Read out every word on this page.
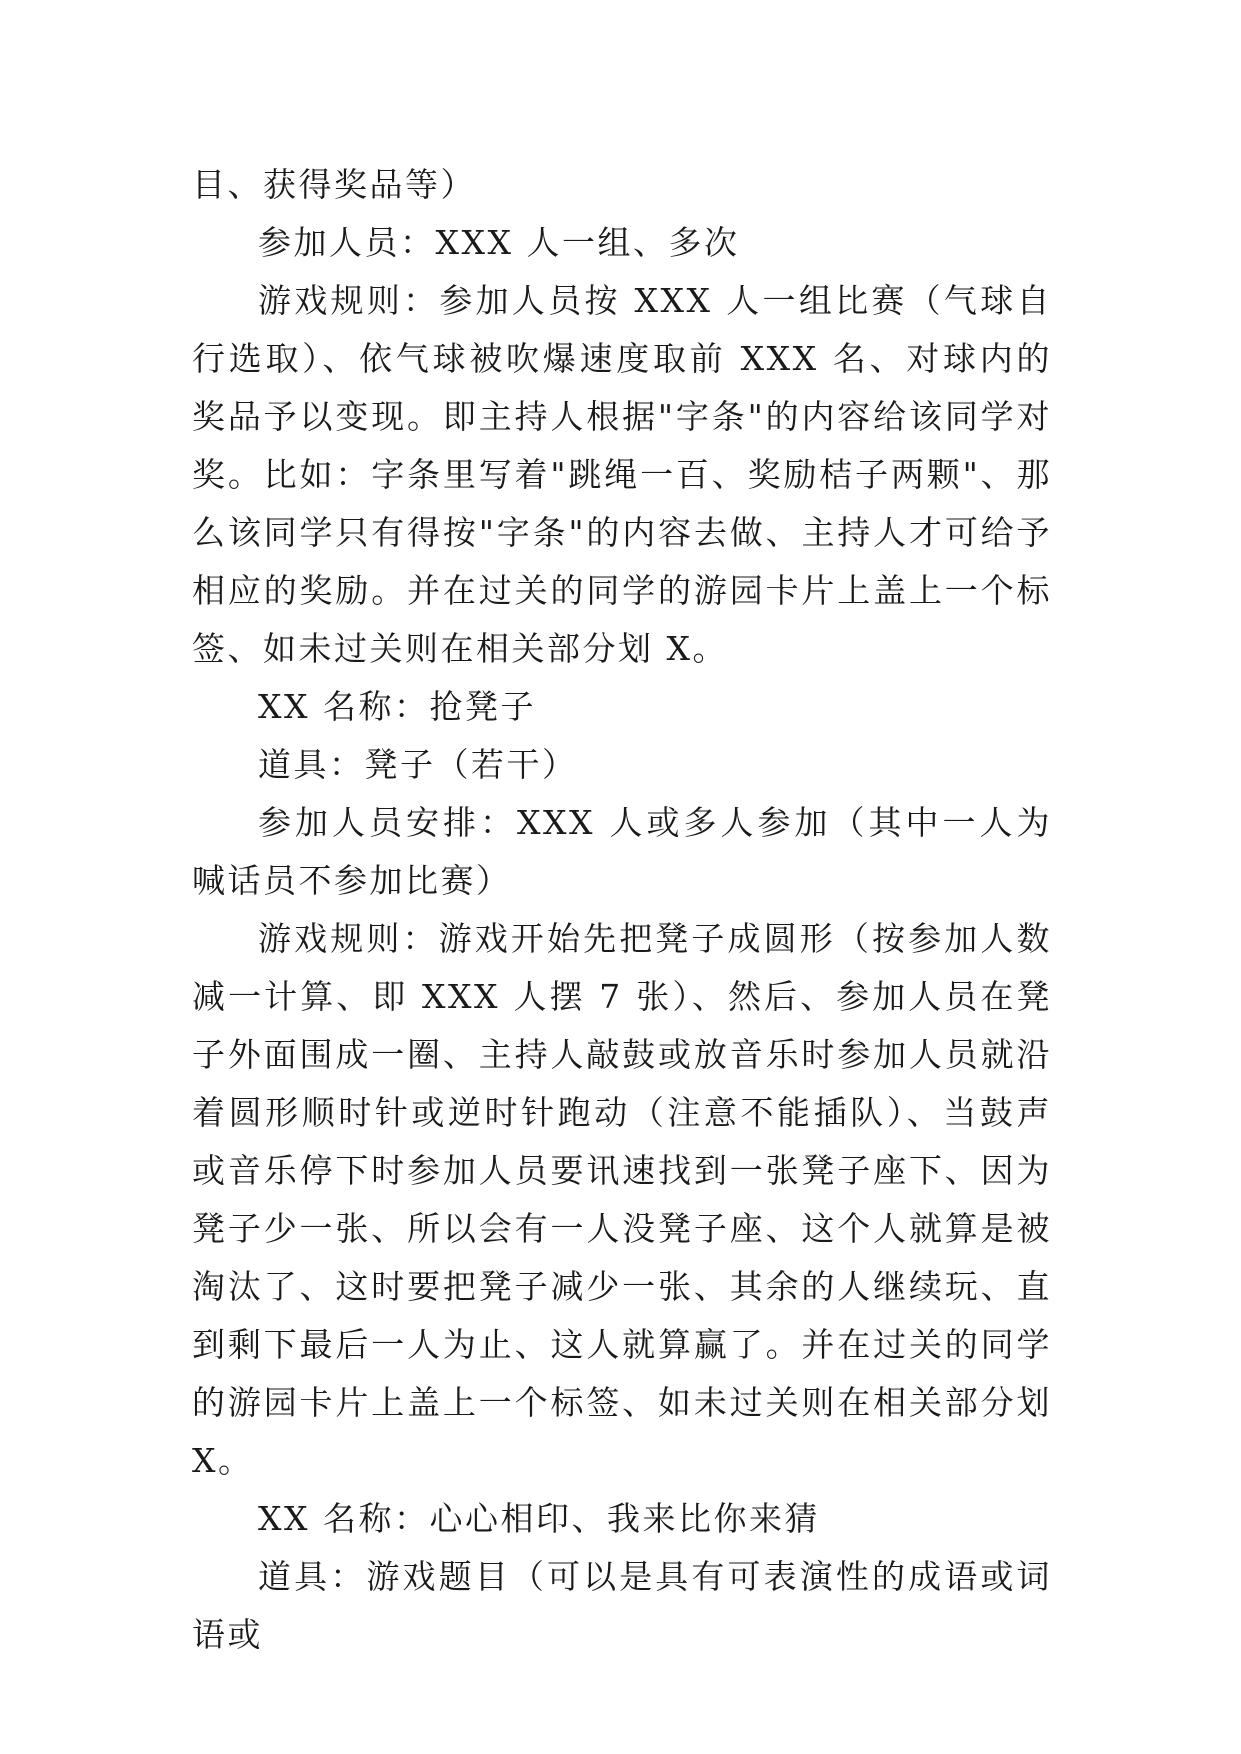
目、获得奖品等）

参加人员：XXX 人一组、多次

游戏规则：参加人员按 XXX 人一组比赛（气球自行选取）、依气球被吹爆速度取前 XXX 名、对球内的奖品予以变现。即主持人根据"字条"的内容给该同学对奖。比如：字条里写着"跳绳一百、奖励桔子两颗"、那么该同学只有得按"字条"的内容去做、主持人才可给予相应的奖励。并在过关的同学的游园卡片上盖上一个标签、如未过关则在相关部分划 X。

XX 名称：抢凳子

道具：凳子（若干）

参加人员安排：XXX 人或多人参加（其中一人为喊话员不参加比赛）

游戏规则：游戏开始先把凳子成圆形（按参加人数减一计算、即 XXX 人摆 7 张）、然后、参加人员在凳子外面围成一圈、主持人敲鼓或放音乐时参加人员就沿着圆形顺时针或逆时针跑动（注意不能插队）、当鼓声或音乐停下时参加人员要讯速找到一张凳子座下、因为凳子少一张、所以会有一人没凳子座、这个人就算是被淘汰了、这时要把凳子减少一张、其余的人继续玩、直到剩下最后一人为止、这人就算赢了。并在过关的同学的游园卡片上盖上一个标签、如未过关则在相关部分划 X。

XX 名称：心心相印、我来比你来猜

道具：游戏题目（可以是具有可表演性的成语或词语或
